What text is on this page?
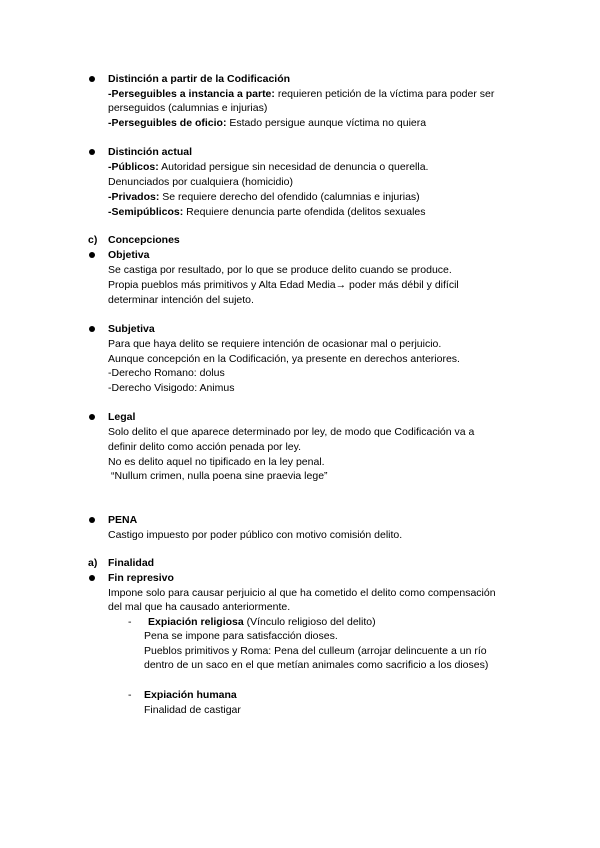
Distinción a partir de la Codificación
-Perseguibles a instancia a parte: requieren petición de la víctima para poder ser
perseguidos (calumnias e injurias)
-Perseguibles de oficio: Estado persigue aunque víctima no quiera
Distinción actual
-Públicos: Autoridad persigue sin necesidad de denuncia o querella.
Denunciados por cualquiera (homicidio)
-Privados: Se requiere derecho del ofendido (calumnias e injurias)
-Semipúblicos: Requiere denuncia parte ofendida (delitos sexuales
c) Concepciones
Objetiva
Se castiga por resultado, por lo que se produce delito cuando se produce.
Propia pueblos más primitivos y Alta Edad Media→ poder más débil y difícil
determinar intención del sujeto.
Subjetiva
Para que haya delito se requiere intención de ocasionar mal o perjuicio.
Aunque concepción en la Codificación, ya presente en derechos anteriores.
-Derecho Romano: dolus
-Derecho Visigodo: Animus
Legal
Solo delito el que aparece determinado por ley, de modo que Codificación va a
definir delito como acción penada por ley.
No es delito aquel no tipificado en la ley penal.
“Nullum crimen, nulla poena sine praevia lege”
PENA
Castigo impuesto por poder público con motivo comisión delito.
a) Finalidad
Fin represivo
Impone solo para causar perjuicio al que ha cometido el delito como compensación
del mal que ha causado anteriormente.
- Expiación religiosa (Vínculo religioso del delito)
Pena se impone para satisfacción dioses.
Pueblos primitivos y Roma: Pena del culleum (arrojar delincuente a un río
dentro de un saco en el que metían animales como sacrificio a los dioses)
- Expiación humana
Finalidad de castigar
